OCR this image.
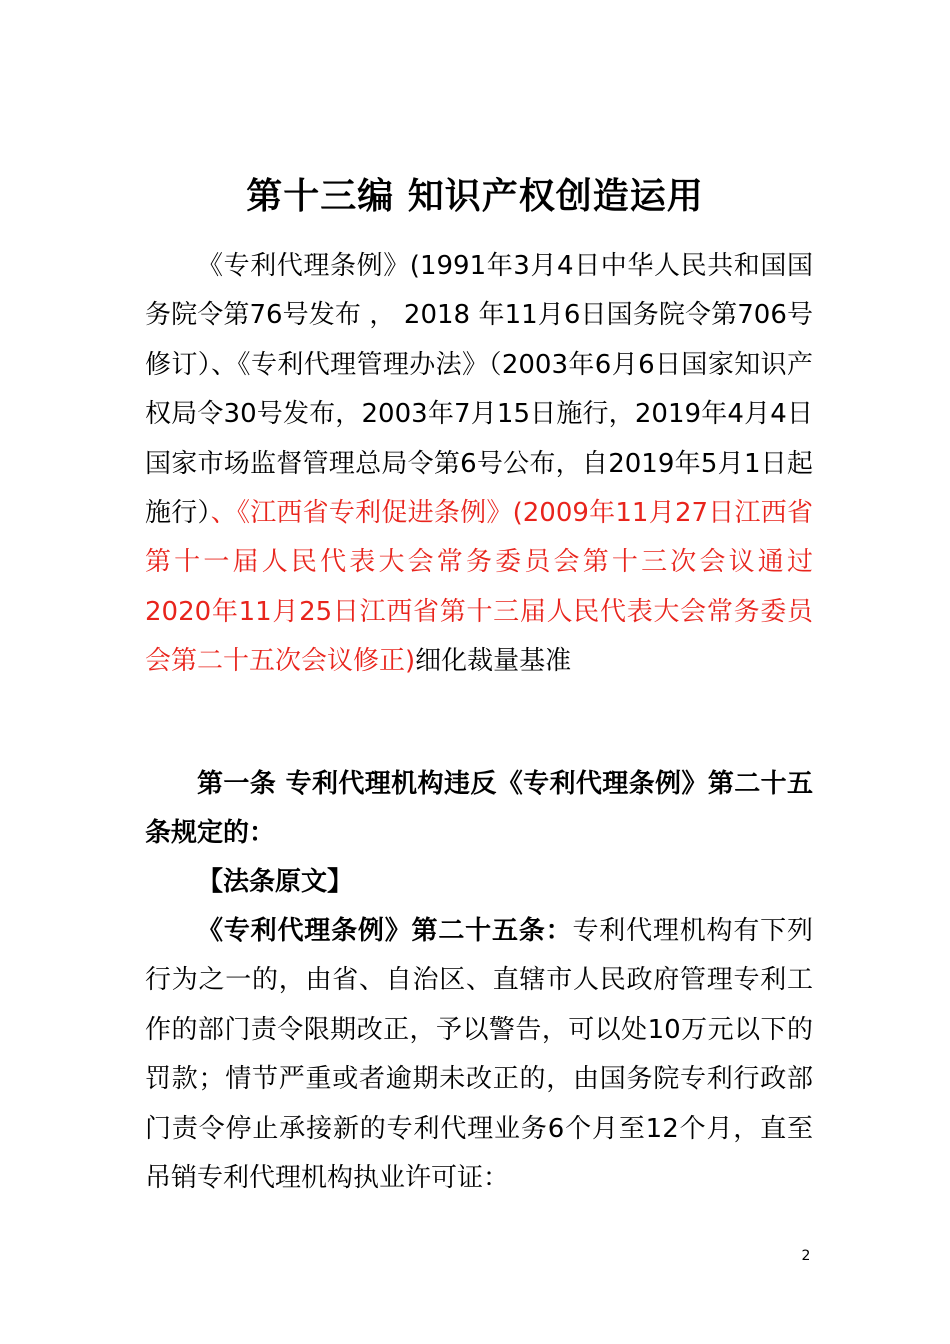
第十三编 知识产权创造运用
《专利代理条例》(1991年3月4日中华人民共和国国务院令第76号发布 ， 2018 年11月6日国务院令第706号修订）、《专利代理管理办法》（2003年6月6日国家知识产权局令30号发布，2003年7月15日施行，2019年4月4日国家市场监督管理总局令第6号公布，自2019年5月1日起施行）、《江西省专利促进条例》(2009年11月27日江西省第十一届人民代表大会常务委员会第十三次会议通过 2020年11月25日江西省第十三届人民代表大会常务委员会第二十五次会议修正)细化裁量基准
第一条 专利代理机构违反《专利代理条例》第二十五条规定的：
【法条原文】
《专利代理条例》第二十五条：专利代理机构有下列行为之一的，由省、自治区、直辖市人民政府管理专利工作的部门责令限期改正，予以警告，可以处10万元以下的罚款；情节严重或者逾期未改正的，由国务院专利行政部门责令停止承接新的专利代理业务6个月至12个月，直至吊销专利代理机构执业许可证：
2
